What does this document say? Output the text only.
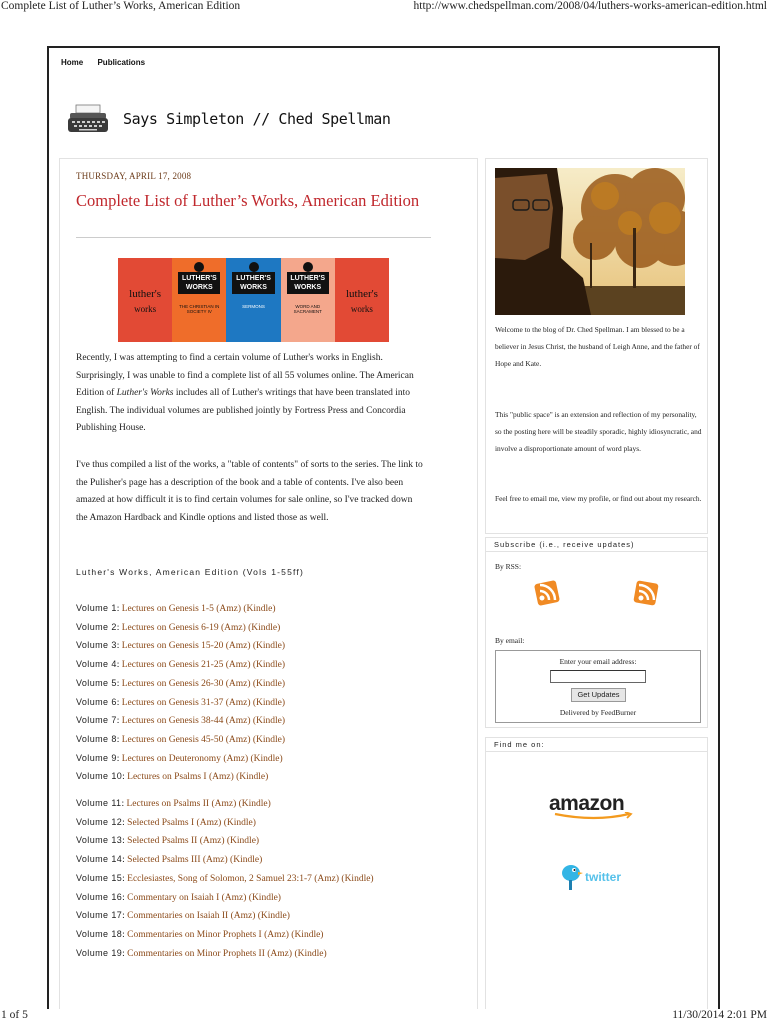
Complete List of Luther’s Works, American Edition	http://www.chedspellman.com/2008/04/luthers-works-american-edition.html
Home Publications
Says Simpleton // Ched Spellman
THURSDAY, APRIL 17, 2008
Complete List of Luther’s Works, American Edition
luther's
works
LUTHER'S WORKS
THE CHRISTIAN IN SOCIETY IV
LUTHER'S WORKS
SERMONS
LUTHER'S WORKS
WORD AND SACRAMENT
luther's
works
Recently, I was attempting to find a certain volume of Luther's works in English. Surprisingly, I was unable to find a complete list of all 55 volumes online. The American Edition of Luther's Works includes all of Luther's writings that have been translated into English. The individual volumes are published jointly by Fortress Press and Concordia Publishing House.
I've thus compiled a list of the works, a "table of contents" of sorts to the series. The link to the Pulisher's page has a description of the book and a table of contents. I've also been amazed at how difficult it is to find certain volumes for sale online, so I've tracked down the Amazon Hardback and Kindle options and listed those as well.
Luther's Works, American Edition (Vols 1-55ff)
Volume 1: Lectures on Genesis 1-5 (Amz) (Kindle)
Volume 2: Lectures on Genesis 6-19 (Amz) (Kindle)
Volume 3: Lectures on Genesis 15-20 (Amz) (Kindle)
Volume 4: Lectures on Genesis 21-25 (Amz) (Kindle)
Volume 5: Lectures on Genesis 26-30 (Amz) (Kindle)
Volume 6: Lectures on Genesis 31-37 (Amz) (Kindle)
Volume 7: Lectures on Genesis 38-44 (Amz) (Kindle)
Volume 8: Lectures on Genesis 45-50 (Amz) (Kindle)
Volume 9: Lectures on Deuteronomy (Amz) (Kindle)
Volume 10: Lectures on Psalms I (Amz) (Kindle)
Volume 11: Lectures on Psalms II (Amz) (Kindle)
Volume 12: Selected Psalms I (Amz) (Kindle)
Volume 13: Selected Psalms II (Amz) (Kindle)
Volume 14: Selected Psalms III (Amz) (Kindle)
Volume 15: Ecclesiastes, Song of Solomon, 2 Samuel 23:1-7 (Amz) (Kindle)
Volume 16: Commentary on Isaiah I (Amz) (Kindle)
Volume 17: Commentaries on Isaiah II (Amz) (Kindle)
Volume 18: Commentaries on Minor Prophets I (Amz) (Kindle)
Volume 19: Commentaries on Minor Prophets II (Amz) (Kindle)
Welcome to the blog of Dr. Ched Spellman. I am blessed to be a believer in Jesus Christ, the husband of Leigh Anne, and the father of Hope and Kate.
This "public space" is an extension and reflection of my personality, so the posting here will be steadily sporadic, highly idiosyncratic, and involve a disproportionate amount of word plays.
Feel free to email me, view my profile, or find out about my research.
Subscribe (i.e., receive updates)
By RSS:
By email:
Enter your email address:
Get Updates
Delivered by FeedBurner
Find me on:
amazon
twitter
1 of 5	11/30/2014 2:01 PM
